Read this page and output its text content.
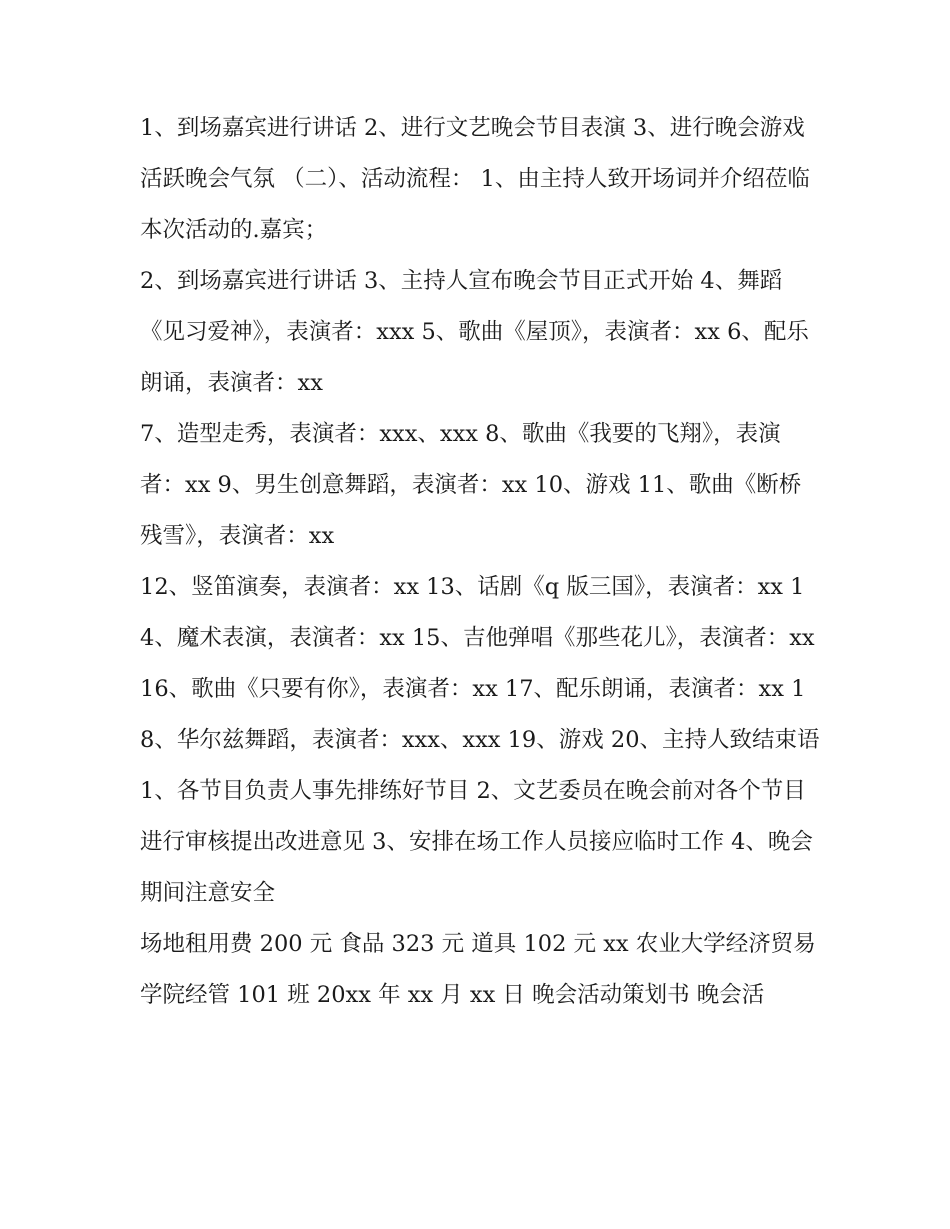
1、到场嘉宾进行讲话 2、进行文艺晚会节目表演 3、进行晚会游戏活跃晚会气氛 （二）、活动流程： 1、由主持人致开场词并介绍莅临本次活动的.嘉宾；

2、到场嘉宾进行讲话 3、主持人宣布晚会节目正式开始 4、舞蹈《见习爱神》，表演者：xxx 5、歌曲《屋顶》，表演者：xx 6、配乐朗诵，表演者：xx

7、造型走秀，表演者：xxx、xxx 8、歌曲《我要的飞翔》，表演者：xx 9、男生创意舞蹈，表演者：xx 10、游戏 11、歌曲《断桥残雪》，表演者：xx

12、竖笛演奏，表演者：xx 13、话剧《q 版三国》，表演者：xx 14、魔术表演，表演者：xx 15、吉他弹唱《那些花儿》，表演者：xx

16、歌曲《只要有你》，表演者：xx 17、配乐朗诵，表演者：xx 18、华尔兹舞蹈，表演者：xxx、xxx 19、游戏 20、主持人致结束语

1、各节目负责人事先排练好节目 2、文艺委员在晚会前对各个节目进行审核提出改进意见 3、安排在场工作人员接应临时工作 4、晚会期间注意安全

场地租用费 200 元 食品 323 元 道具 102 元 xx 农业大学经济贸易学院经管 101 班 20xx 年 xx 月 xx 日 晚会活动策划书 晚会活
